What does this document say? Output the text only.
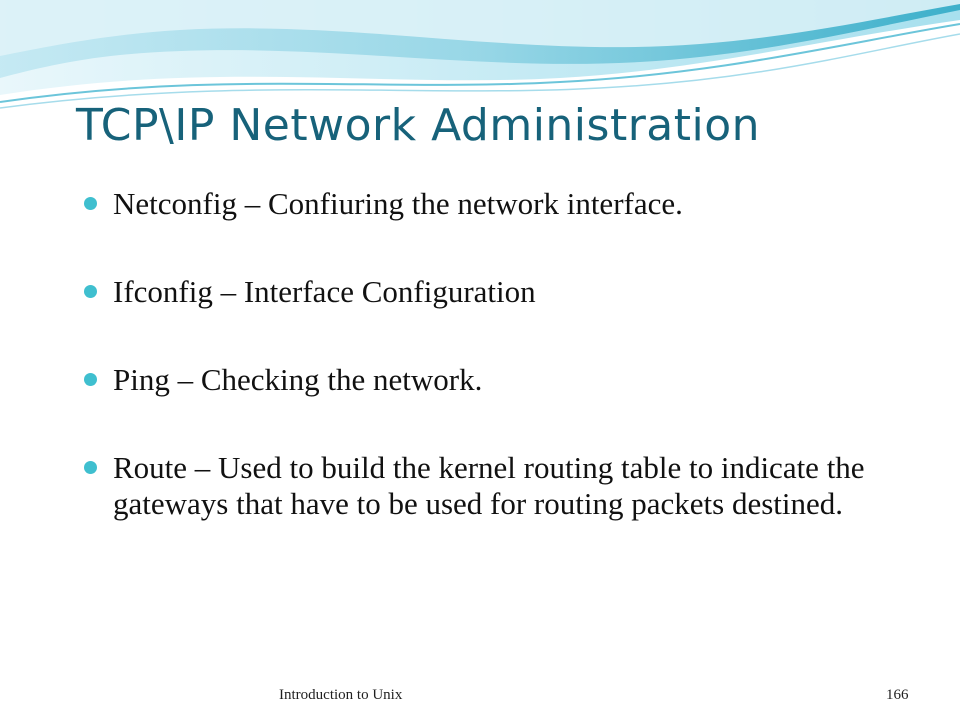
TCP\IP Network Administration
Netconfig – Confiuring the network interface.
Ifconfig – Interface Configuration
Ping – Checking the network.
Route – Used to build the kernel routing table to indicate the gateways that have to be used for routing packets destined.
Introduction to Unix	166
